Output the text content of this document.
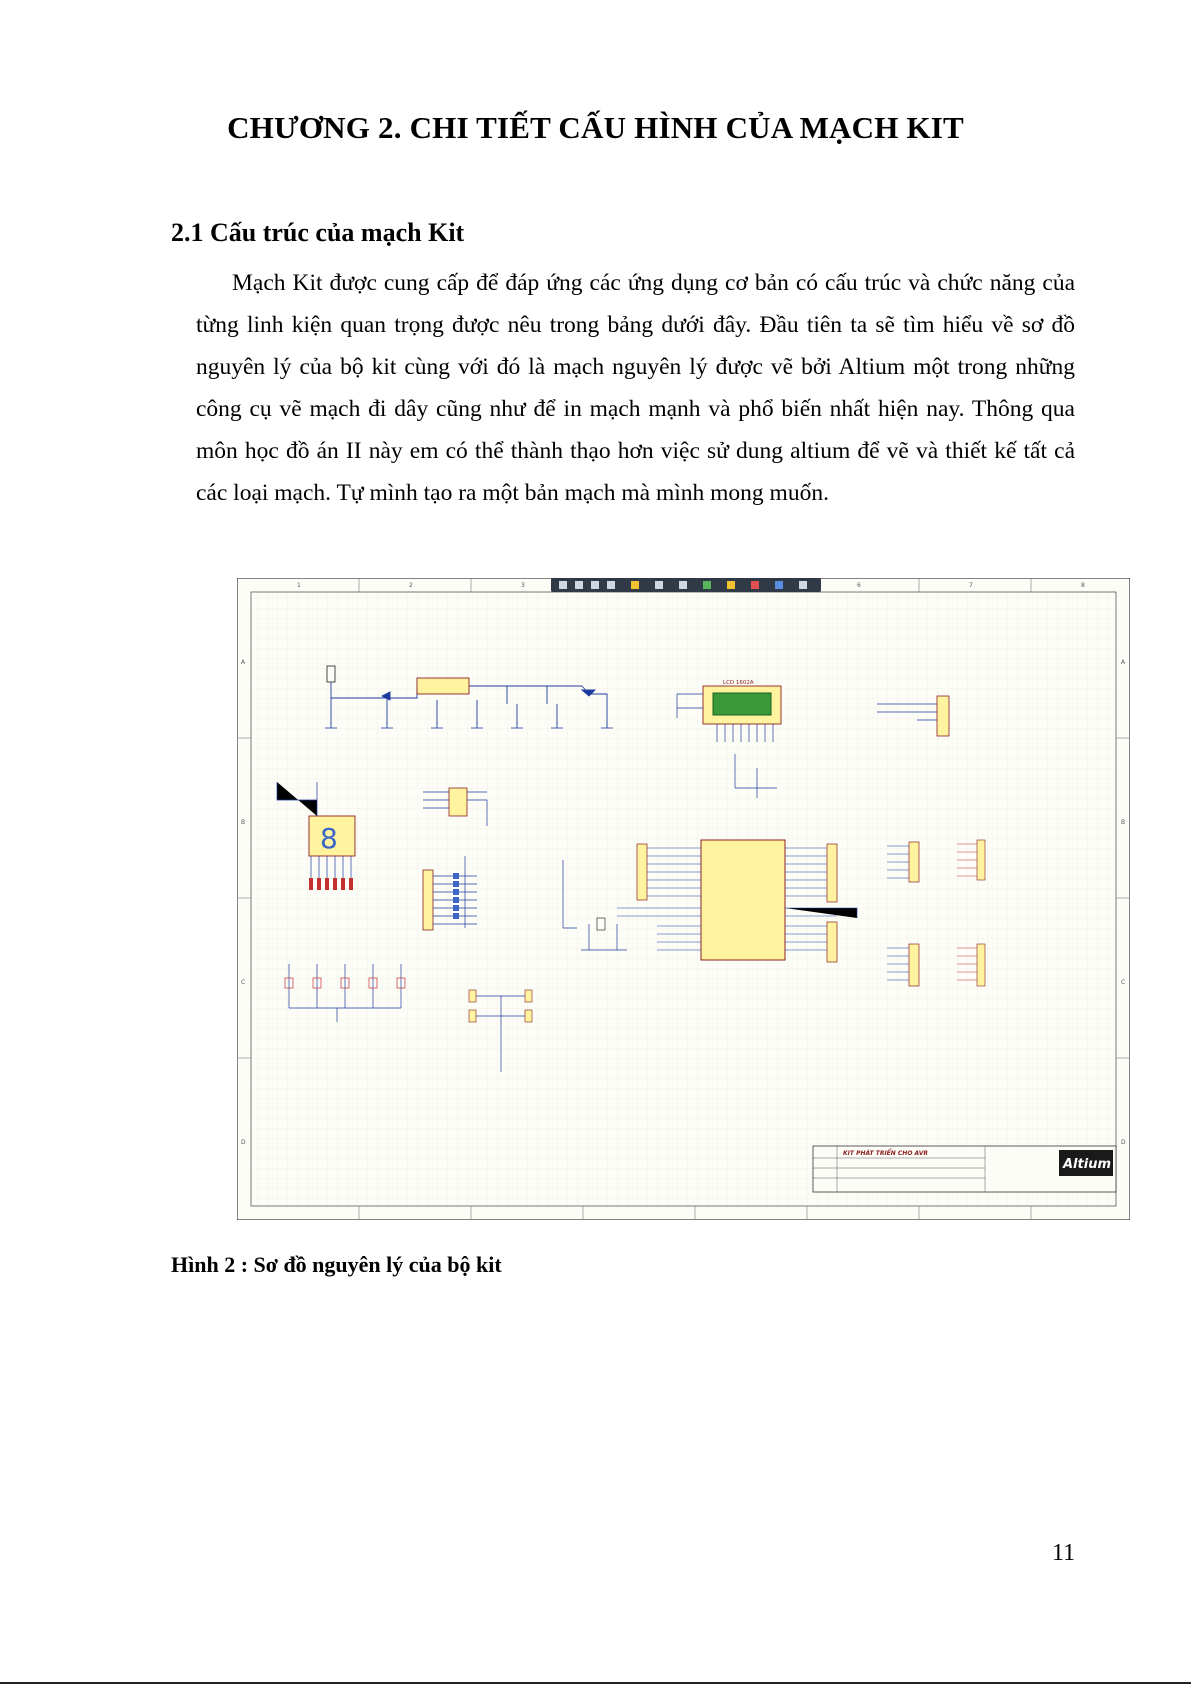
CHƯƠNG 2. CHI TIẾT CẤU HÌNH CỦA MẠCH KIT
2.1 Cấu trúc của mạch Kit
Mạch Kit được cung cấp để đáp ứng các ứng dụng cơ bản có cấu trúc và chức năng của từng linh kiện quan trọng được nêu trong bảng dưới đây. Đầu tiên ta sẽ tìm hiểu về sơ đồ nguyên lý của bộ kit cùng với đó là mạch nguyên lý được vẽ bởi Altium một trong những công cụ vẽ mạch đi dây cũng như để in mạch mạnh và phổ biến nhất hiện nay. Thông qua môn học đồ án II này em có thể thành thạo hơn việc sử dung altium để vẽ và thiết kế tất cả các loại mạch. Tự mình tạo ra một bản mạch mà mình mong muốn.
1	2	3	6	7	8
A
B
C
D
A
B
C
D
LCD 1602A
8
KIT PHÁT TRIỂN CHO AVR
Altium
Hình 2 : Sơ đồ nguyên lý của bộ kit
11
